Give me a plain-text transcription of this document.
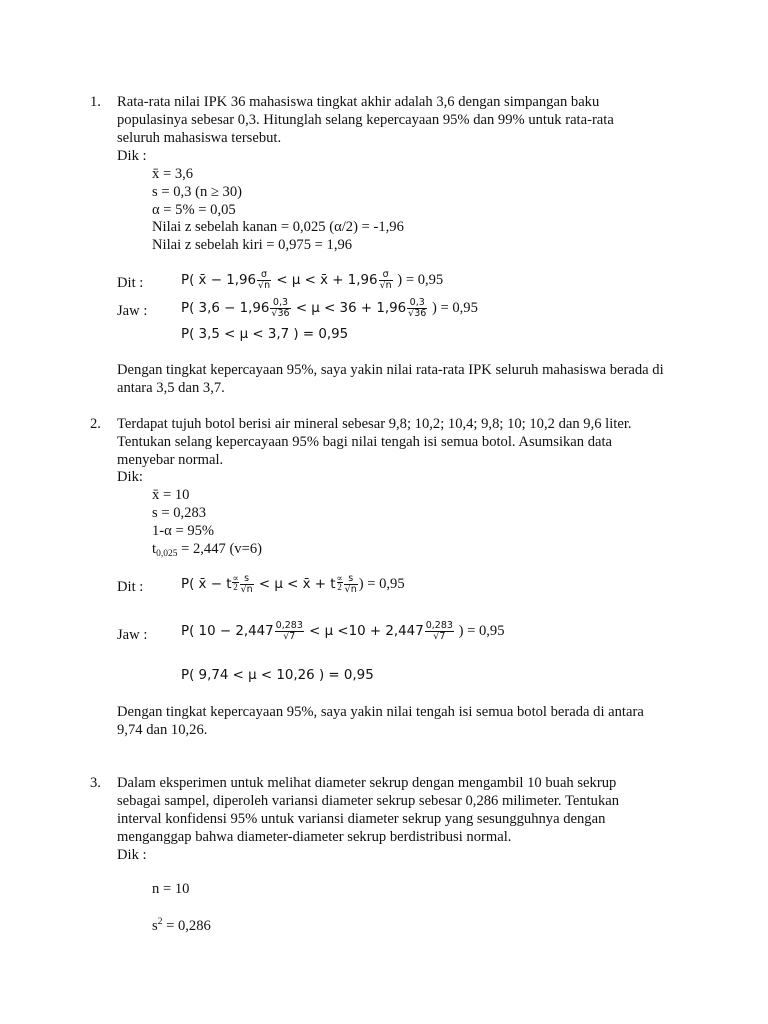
1. Rata-rata nilai IPK 36 mahasiswa tingkat akhir adalah 3,6 dengan simpangan baku
populasinya sebesar 0,3. Hitunglah selang kepercayaan 95% dan 99% untuk rata-rata
seluruh mahasiswa tersebut.
Dik :
x̄ = 3,6
s = 0,3 (n ≥ 30)
α = 5% = 0,05
Nilai z sebelah kanan = 0,025 (α/2) = -1,96
Nilai z sebelah kiri = 0,975 = 1,96
Dit :	P( x̄ − $1,96 \frac{\sigma}{√n} < \mu$ < x̄ + $1,96 \frac{\sigma}{√n}$ ) = 0,95
Jaw :	P( $3,6 - 1,96 \frac{0,3}{√36} < \mu < 36 + 1,96 \frac{0,3}{√36}$ ) = 0,95
P( 3,5 < μ < 3,7 ) = 0,95
Dengan tingkat kepercayaan 95%, saya yakin nilai rata-rata IPK seluruh mahasiswa berada di
antara 3,5 dan 3,7.
2. Terdapat tujuh botol berisi air mineral sebesar 9,8; 10,2; 10,4; 9,8; 10; 10,2 dan 9,6 liter.
Tentukan selang kepercayaan 95% bagi nilai tengah isi semua botol. Asumsikan data
menyebar normal.
Dik:
x̄ = 10
s = 0,283
1-α = 95%
$t_{0,025} = 2,447$ (v=6)
Dit :	P( x̄ − t ∝
$2 \frac{s}{√n} < \mu$ < x̄ + t ∝
$2 \frac{s}{√n}$ ) = 0,95
Jaw :	P( $10 - 2,447 \frac{0,283}{√7} < \mu <10 + 2,447 \frac{0,283}{√7}$ ) = 0,95
P( 9,74 < μ < 10,26 ) = 0,95
Dengan tingkat kepercayaan 95%, saya yakin nilai tengah isi semua botol berada di antara
9,74 dan 10,26.
3. Dalam eksperimen untuk melihat diameter sekrup dengan mengambil 10 buah sekrup
sebagai sampel, diperoleh variansi diameter sekrup sebesar 0,286 milimeter. Tentukan
interval konfidensi 95% untuk variansi diameter sekrup yang sesungguhnya dengan
menganggap bahwa diameter-diameter sekrup berdistribusi normal.
Dik :
n = 10
$s^2 = 0,286$
